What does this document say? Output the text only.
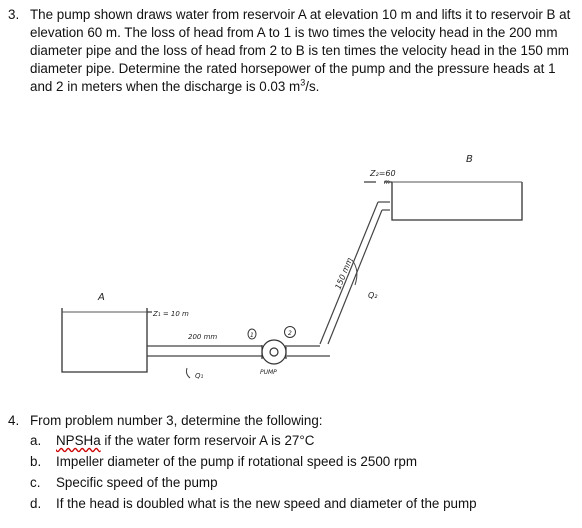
3. The pump shown draws water from reservoir A at elevation 10 m and lifts it to reservoir B at elevation 60 m. The loss of head from A to 1 is two times the velocity head in the 200 mm diameter pipe and the loss of head from 2 to B is ten times the velocity head in the 150 mm diameter pipe. Determine the rated horsepower of the pump and the pressure heads at 1 and 2 in meters when the discharge is 0.03 $m^3/s$.
B
Z₂=60
m
150 mm
Q₂
A
Z₁ = 10 m
200 mm
Q₁	PUMP
1	2
4. From problem number 3, determine the following:
a. NPSHa if the water form reservoir A is 27°C
b. Impeller diameter of the pump if rotational speed is 2500 rpm
c. Specific speed of the pump
d. If the head is doubled what is the new speed and diameter of the pump
